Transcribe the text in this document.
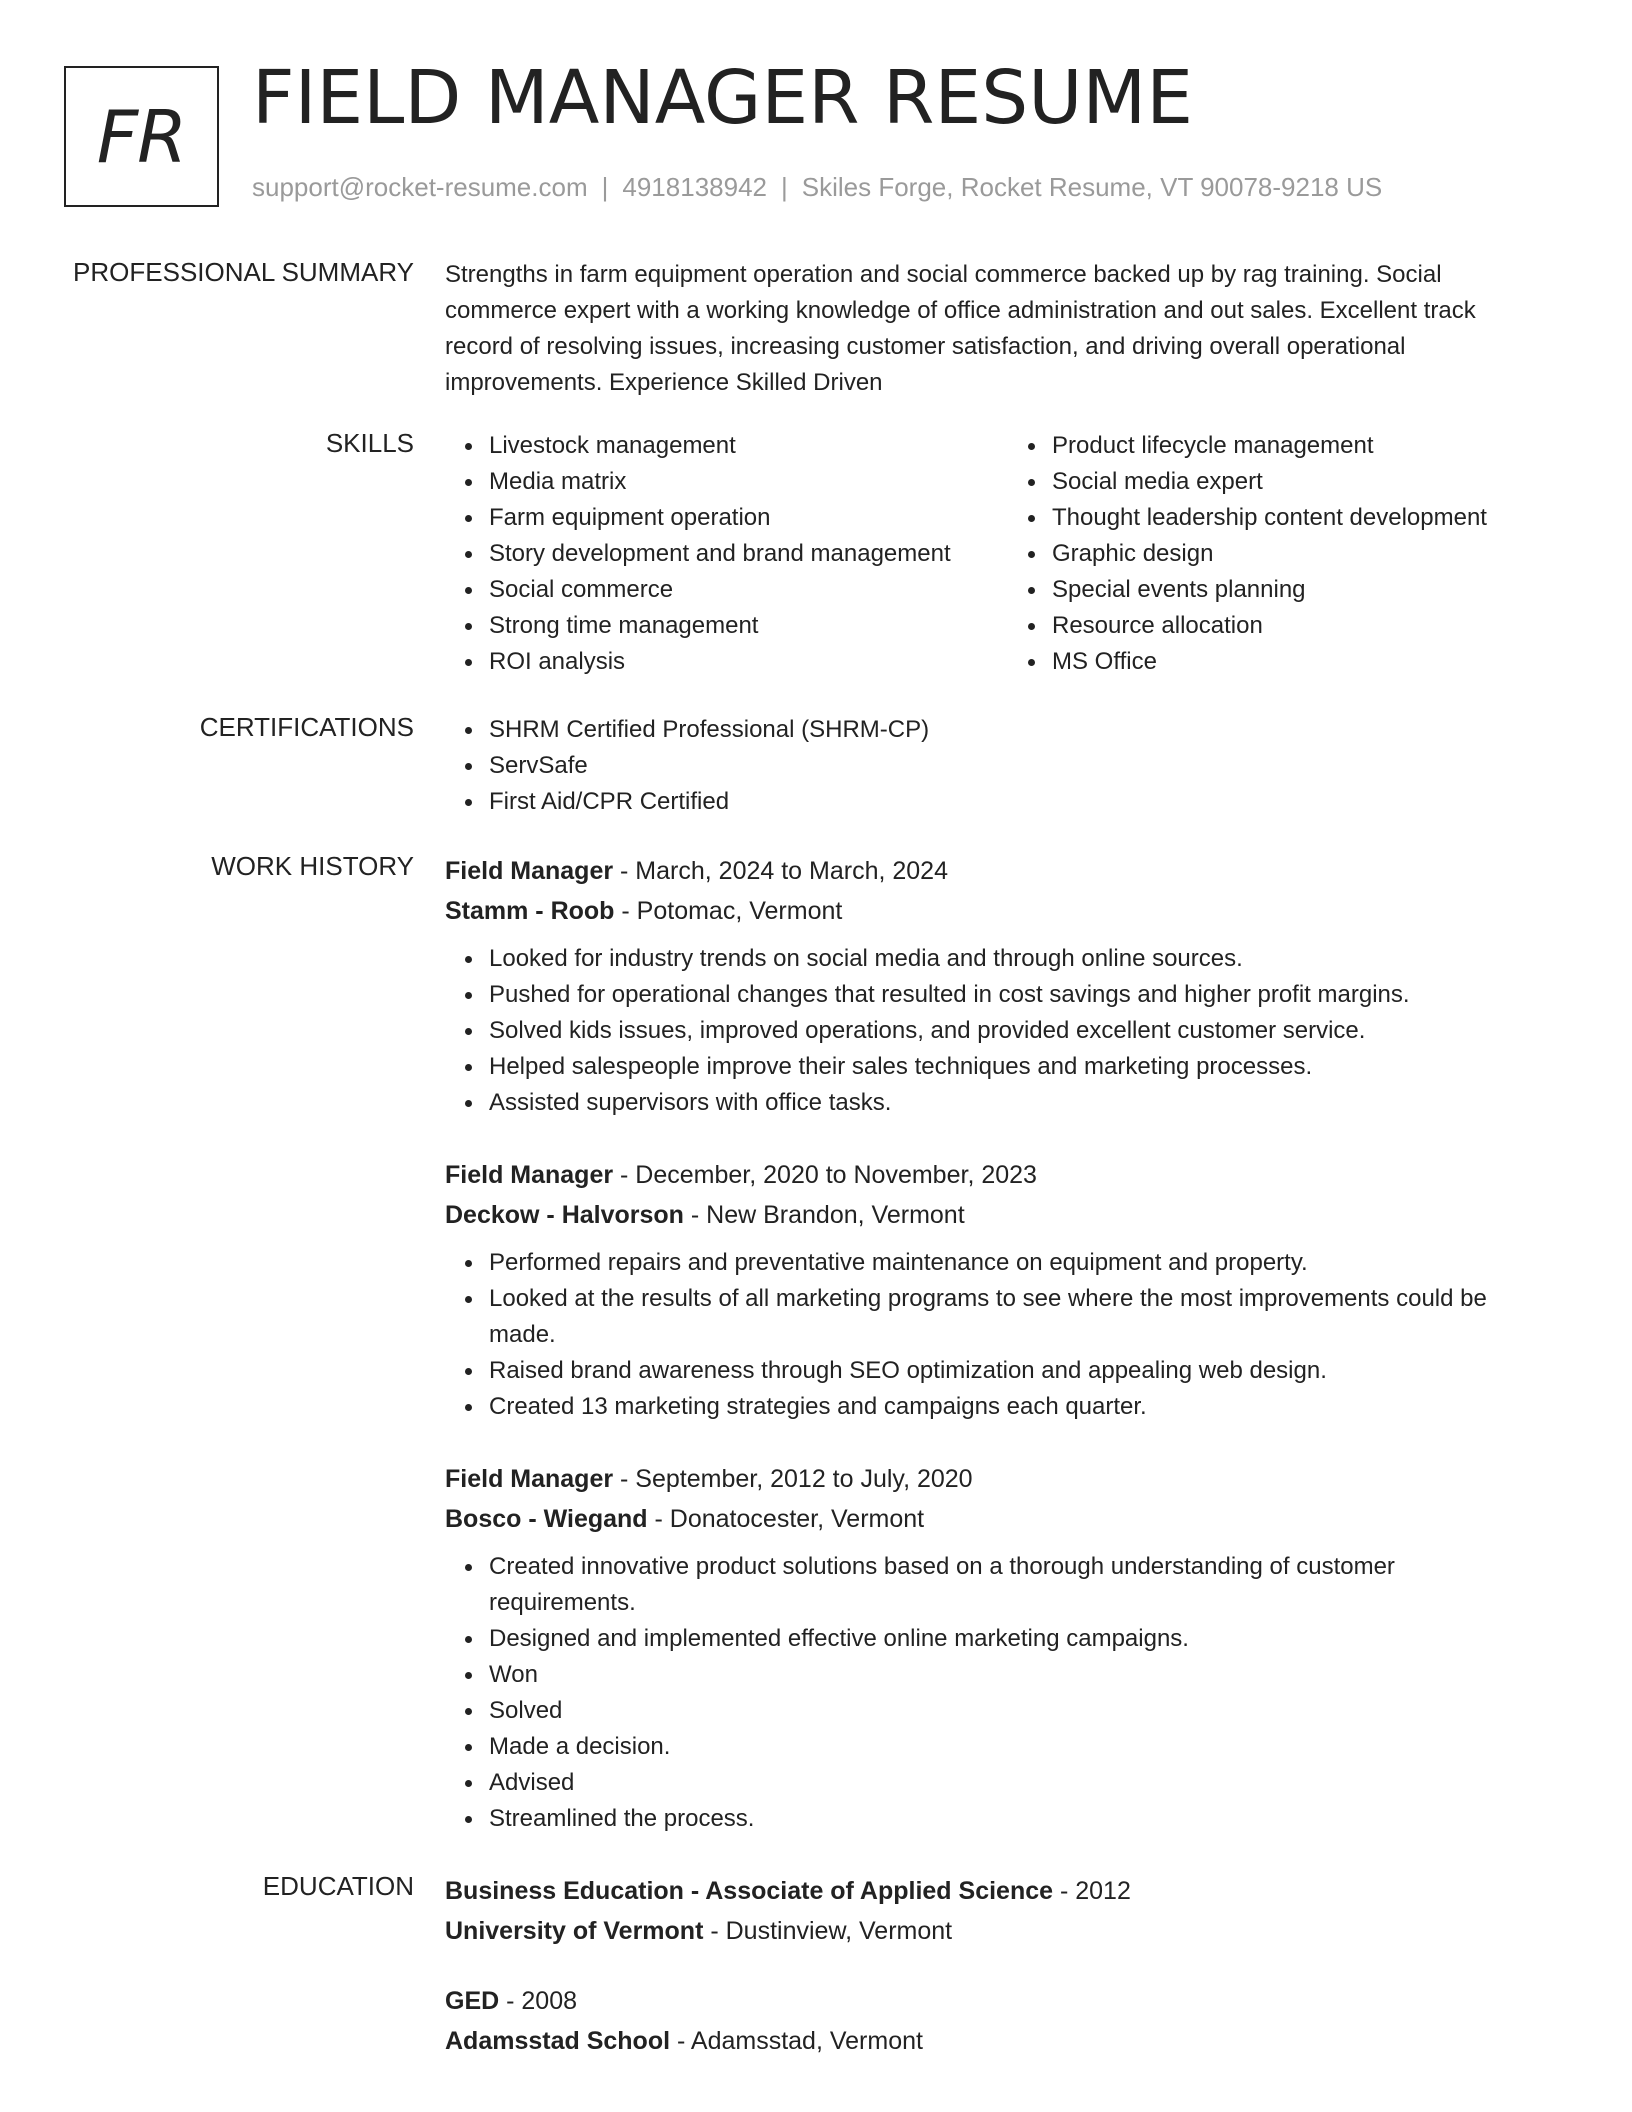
FR FIELD MANAGER RESUME
support@rocket-resume.com | 4918138942 | Skiles Forge, Rocket Resume, VT 90078-9218 US
PROFESSIONAL SUMMARY Strengths in farm equipment operation and social commerce backed up by rag training. Social commerce expert with a working knowledge of office administration and out sales. Excellent track record of resolving issues, increasing customer satisfaction, and driving overall operational improvements. Experience Skilled Driven

SKILLS	Livestock management
Media matrix
Farm equipment operation
Story development and brand management
Social commerce
Strong time management
ROI analysis
Product lifecycle management
Social media expert
Thought leadership content development
Graphic design
Special events planning
Resource allocation
MS Office
CERTIFICATIONS	SHRM Certified Professional (SHRM-CP)
ServSafe
First Aid/CPR Certified
WORK HISTORY Field Manager - March, 2024 to March, 2024
Stamm - Roob - Potomac, Vermont
Looked for industry trends on social media and through online sources.
Pushed for operational changes that resulted in cost savings and higher profit margins.
Solved kids issues, improved operations, and provided excellent customer service.
Helped salespeople improve their sales techniques and marketing processes.
Assisted supervisors with office tasks.
Field Manager - December, 2020 to November, 2023
Deckow - Halvorson - New Brandon, Vermont
Performed repairs and preventative maintenance on equipment and property.
Looked at the results of all marketing programs to see where the most improvements could be made.
Raised brand awareness through SEO optimization and appealing web design.
Created 13 marketing strategies and campaigns each quarter.
Field Manager - September, 2012 to July, 2020
Bosco - Wiegand - Donatocester, Vermont
Created innovative product solutions based on a thorough understanding of customer requirements.
Designed and implemented effective online marketing campaigns.
Won
Solved
Made a decision.
Advised
Streamlined the process.
EDUCATION Business Education - Associate of Applied Science - 2012
University of Vermont - Dustinview, Vermont
GED - 2008
Adamsstad School - Adamsstad, Vermont
